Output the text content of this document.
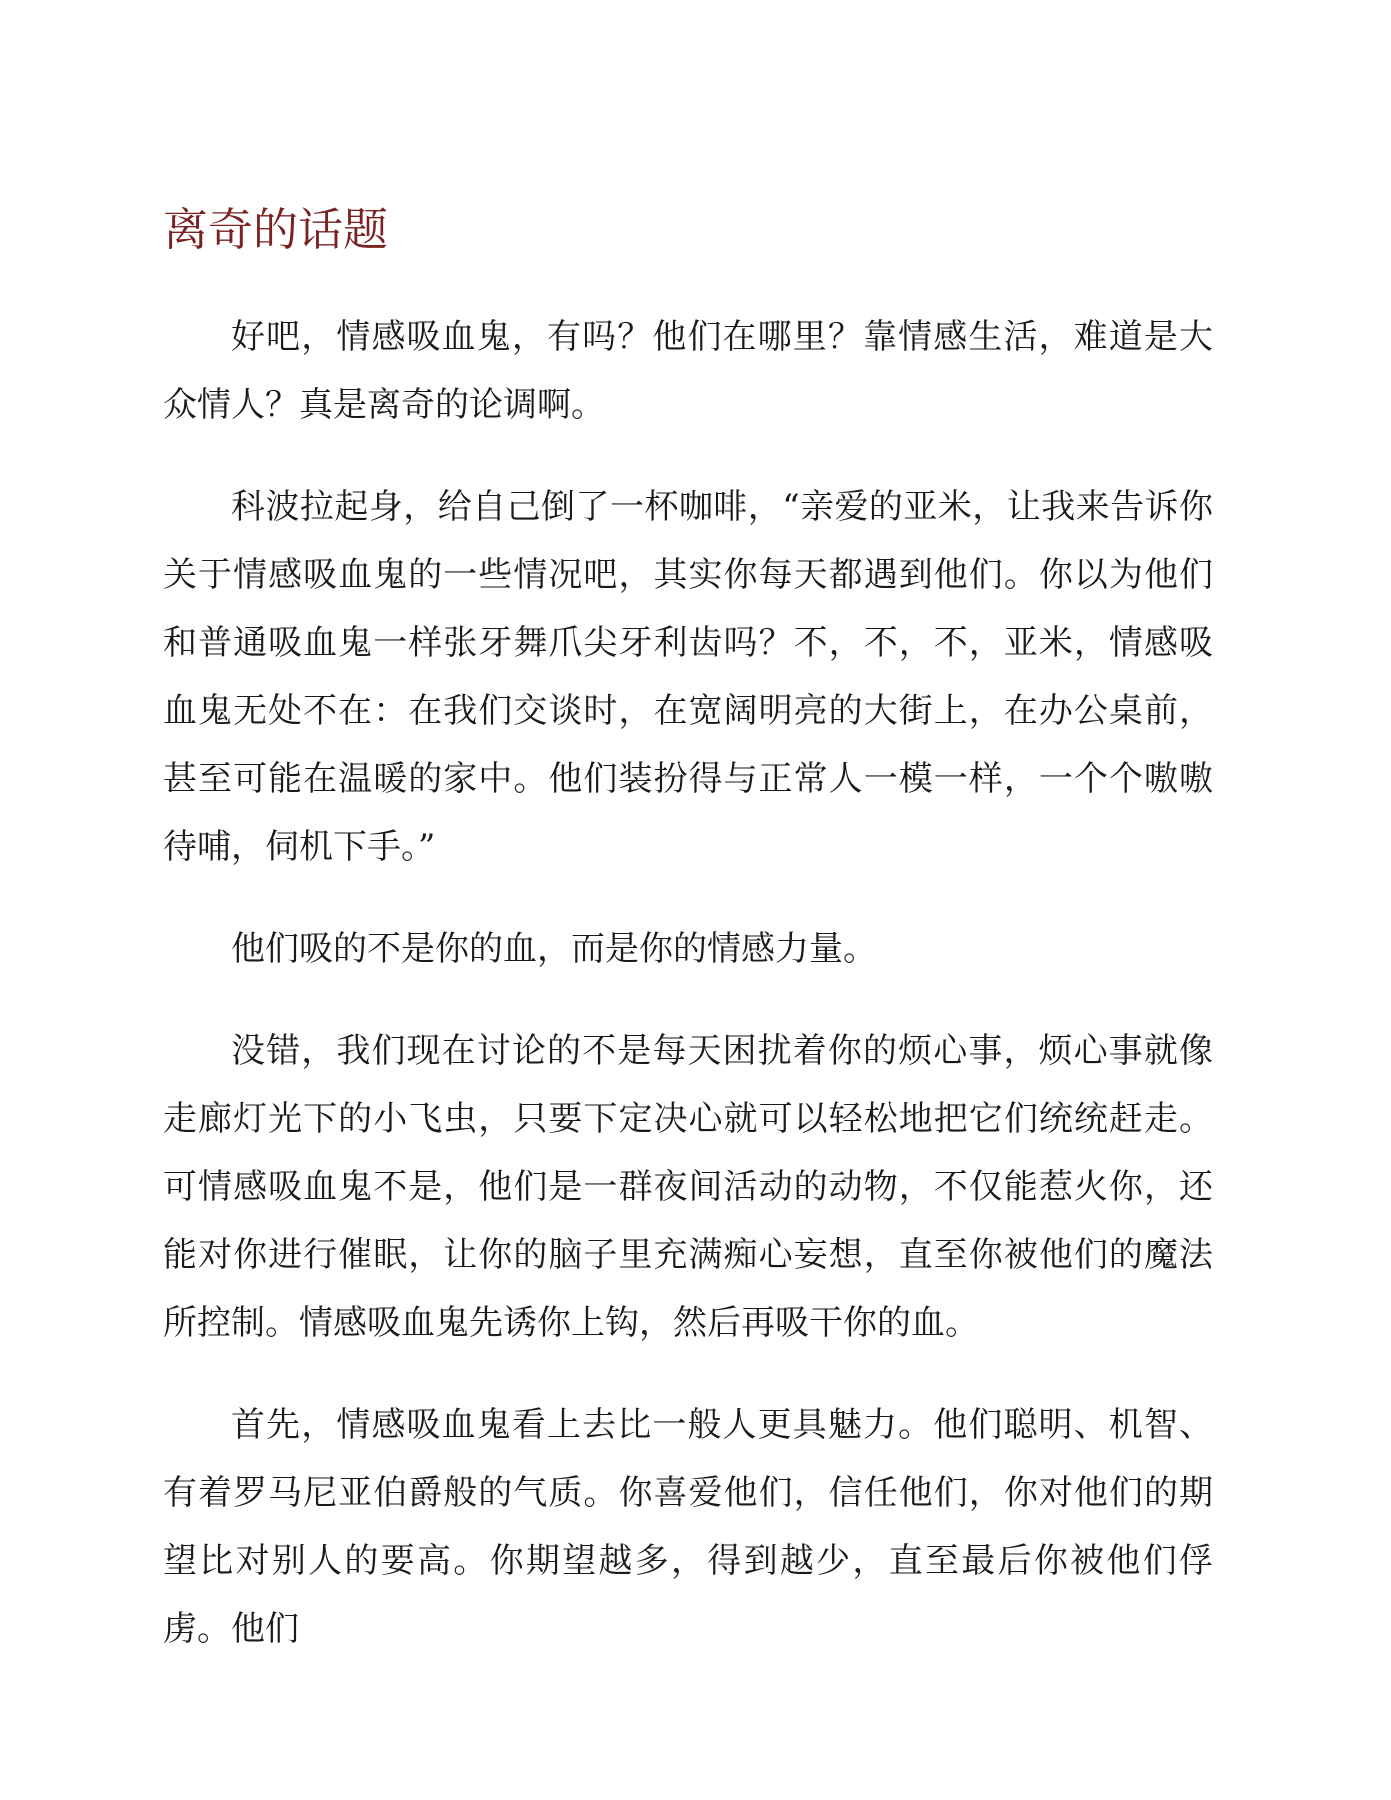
离奇的话题

好吧，情感吸血鬼，有吗？他们在哪里？靠情感生活，难道是大众情人？真是离奇的论调啊。

科波拉起身，给自己倒了一杯咖啡，“亲爱的亚米，让我来告诉你关于情感吸血鬼的一些情况吧，其实你每天都遇到他们。你以为他们和普通吸血鬼一样张牙舞爪尖牙利齿吗？不，不，不，亚米，情感吸血鬼无处不在：在我们交谈时，在宽阔明亮的大街上，在办公桌前，甚至可能在温暖的家中。他们装扮得与正常人一模一样，一个个嗷嗷待哺，伺机下手。”

他们吸的不是你的血，而是你的情感力量。

没错，我们现在讨论的不是每天困扰着你的烦心事，烦心事就像走廊灯光下的小飞虫，只要下定决心就可以轻松地把它们统统赶走。可情感吸血鬼不是，他们是一群夜间活动的动物，不仅能惹火你，还能对你进行催眠，让你的脑子里充满痴心妄想，直至你被他们的魔法所控制。情感吸血鬼先诱你上钩，然后再吸干你的血。

首先，情感吸血鬼看上去比一般人更具魅力。他们聪明、机智、有着罗马尼亚伯爵般的气质。你喜爱他们，信任他们，你对他们的期望比对别人的要高。你期望越多，得到越少，直至最后你被他们俘虏。他们
